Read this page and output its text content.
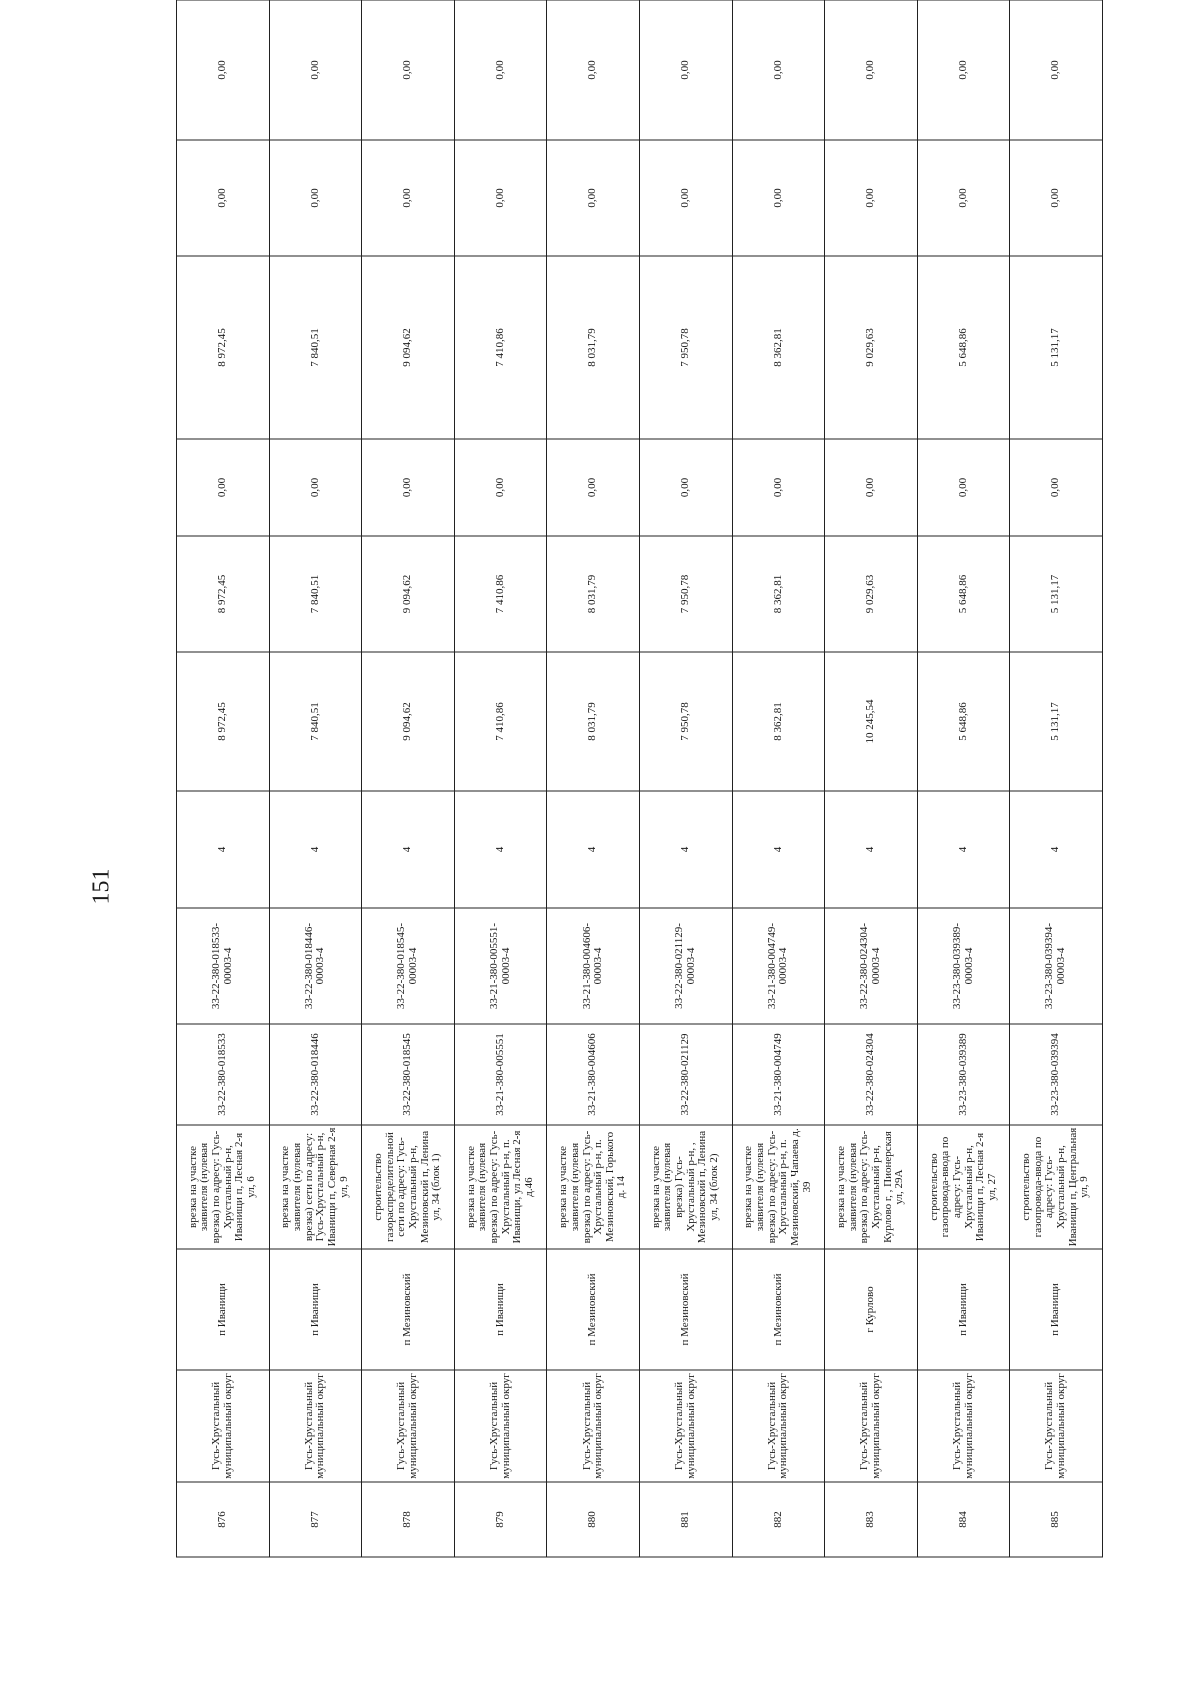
151
876	Гусь-Хрустальный муниципальный округ	п Иванищи	врезка на участке заявителя (нулевая врезка) по адресу: Гусь-Хрустальный р-н, Иванищи п, Лесная 2-я ул, 6	33-22-380-018533	33-22-380-018533-00003-4	4	8 972,45	8 972,45	0,00	8 972,45	0,00	0,00
877	Гусь-Хрустальный муниципальный округ	п Иванищи	врезка на участке заявителя (нулевая врезка) сети по адресу: Гусь-Хрустальный р-н, Иванищи п, Северная 2-я ул, 9	33-22-380-018446	33-22-380-018446-00003-4	4	7 840,51	7 840,51	0,00	7 840,51	0,00	0,00
878	Гусь-Хрустальный муниципальный округ	п Мезиновский	строительство газораспределительной сети по адресу: Гусь-Хрустальный р-н, Мезиновский п, Ленина ул, 34 (блок 1)	33-22-380-018545	33-22-380-018545-00003-4	4	9 094,62	9 094,62	0,00	9 094,62	0,00	0,00
879	Гусь-Хрустальный муниципальный округ	п Иванищи	врезка на участке заявителя (нулевая врезка) по адресу: Гусь-Хрустальный р-н, п. Иванищи, ул Лесная 2-я д.46	33-21-380-005551	33-21-380-005551-00003-4	4	7 410,86	7 410,86	0,00	7 410,86	0,00	0,00
880	Гусь-Хрустальный муниципальный округ	п Мезиновский	врезка на участке заявителя (нулевая врезка) по адресу: Гусь-Хрустальный р-н, п. Мезиновский, Горького д. 14	33-21-380-004606	33-21-380-004606-00003-4	4	8 031,79	8 031,79	0,00	8 031,79	0,00	0,00
881	Гусь-Хрустальный муниципальный округ	п Мезиновский	врезка на участке заявителя (нулевая врезка) Гусь-Хрустальный р-н, , Мезиновский п, Ленина ул, 34 (блок 2)	33-22-380-021129	33-22-380-021129-00003-4	4	7 950,78	7 950,78	0,00	7 950,78	0,00	0,00
882	Гусь-Хрустальный муниципальный округ	п Мезиновский	врезка на участке заявителя (нулевая врезка) по адресу: Гусь-Хрустальный р-н, п. Мезиновский, Чапаева д. 39	33-21-380-004749	33-21-380-004749-00003-4	4	8 362,81	8 362,81	0,00	8 362,81	0,00	0,00
883	Гусь-Хрустальный муниципальный округ	г Курлово	врезка на участке заявителя (нулевая врезка) по адресу: Гусь-Хрустальный р-н, Курлово г, , Пионерская ул, 29А	33-22-380-024304	33-22-380-024304-00003-4	4	10 245,54	9 029,63	0,00	9 029,63	0,00	0,00
884	Гусь-Хрустальный муниципальный округ	п Иванищи	строительство газопровода-ввода по адресу: Гусь-Хрустальный р-н, Иванищи п, Лесная 2-я ул, 27	33-23-380-039389	33-23-380-039389-00003-4	4	5 648,86	5 648,86	0,00	5 648,86	0,00	0,00
885	Гусь-Хрустальный муниципальный округ	п Иванищи	строительство газопровода-ввода по адресу: Гусь-Хрустальный р-н, Иванищи п, Центральная ул, 9	33-23-380-039394	33-23-380-039394-00003-4	4	5 131,17	5 131,17	0,00	5 131,17	0,00	0,00
